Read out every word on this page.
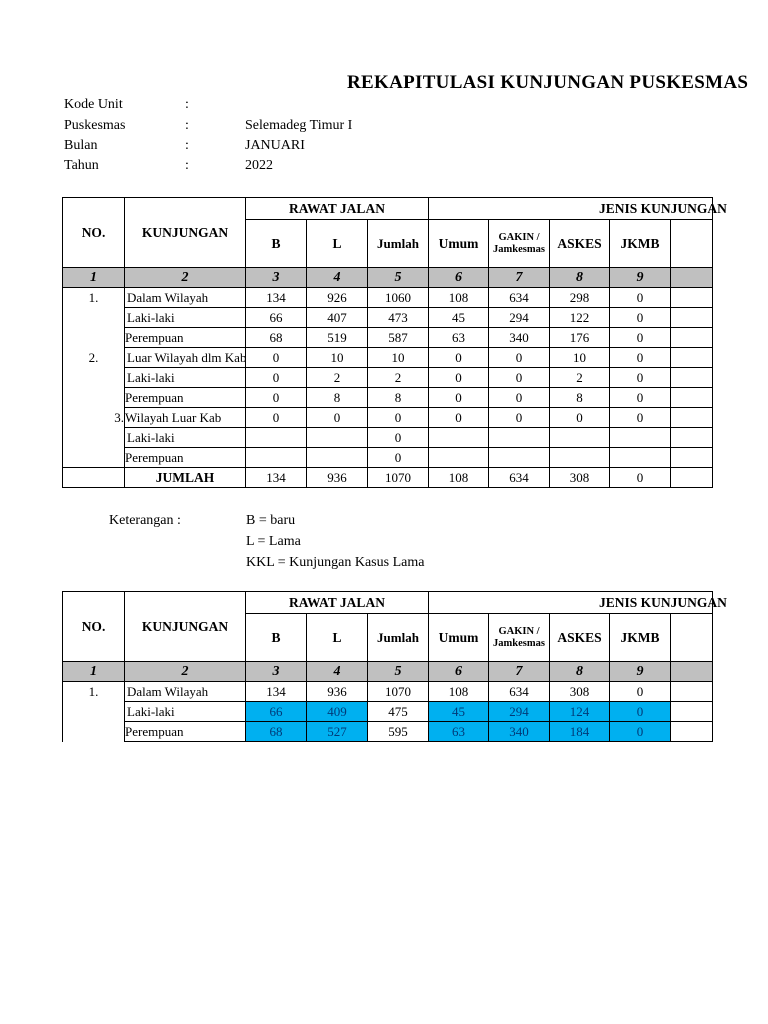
REKAPITULASI KUNJUNGAN PUSKESMAS
Kode Unit	:
Puskesmas	:	Selemadeg Timur I
Bulan	:	JANUARI
Tahun	:	2022
NO.	KUNJUNGAN	RAWAT JALAN			JENIS KUNJUNGAN				
		B	L	Jumlah	Umum	GAKIN / Jamkesmas	ASKES	JKMB	
1	2	3	4	5	6	7	8	9	
1.	Dalam Wilayah	134	926	1060	108	634	298	0	
	Laki-laki	66	407	473	45	294	122	0	
	Perempuan	68	519	587	63	340	176	0	
2.	Luar Wilayah dlm Kab	0	10	10	0	0	10	0	
	Laki-laki	0	2	2	0	0	2	0	
	Perempuan	0	8	8	0	0	8	0	
3.	Wilayah Luar Kab	0	0	0	0	0	0	0	
	Laki-laki			0					
	Perempuan			0					
	JUMLAH	134	936	1070	108	634	308	0	
Keterangan :	B = baru
L = Lama
KKL = Kunjungan Kasus Lama
NO.	KUNJUNGAN	RAWAT JALAN			JENIS KUNJUNGAN				
		B	L	Jumlah	Umum	GAKIN / Jamkesmas	ASKES	JKMB	
1	2	3	4	5	6	7	8	9	
1.	Dalam Wilayah	134	936	1070	108	634	308	0	
	Laki-laki	66	409	475	45	294	124	0	
	Perempuan	68	527	595	63	340	184	0	
